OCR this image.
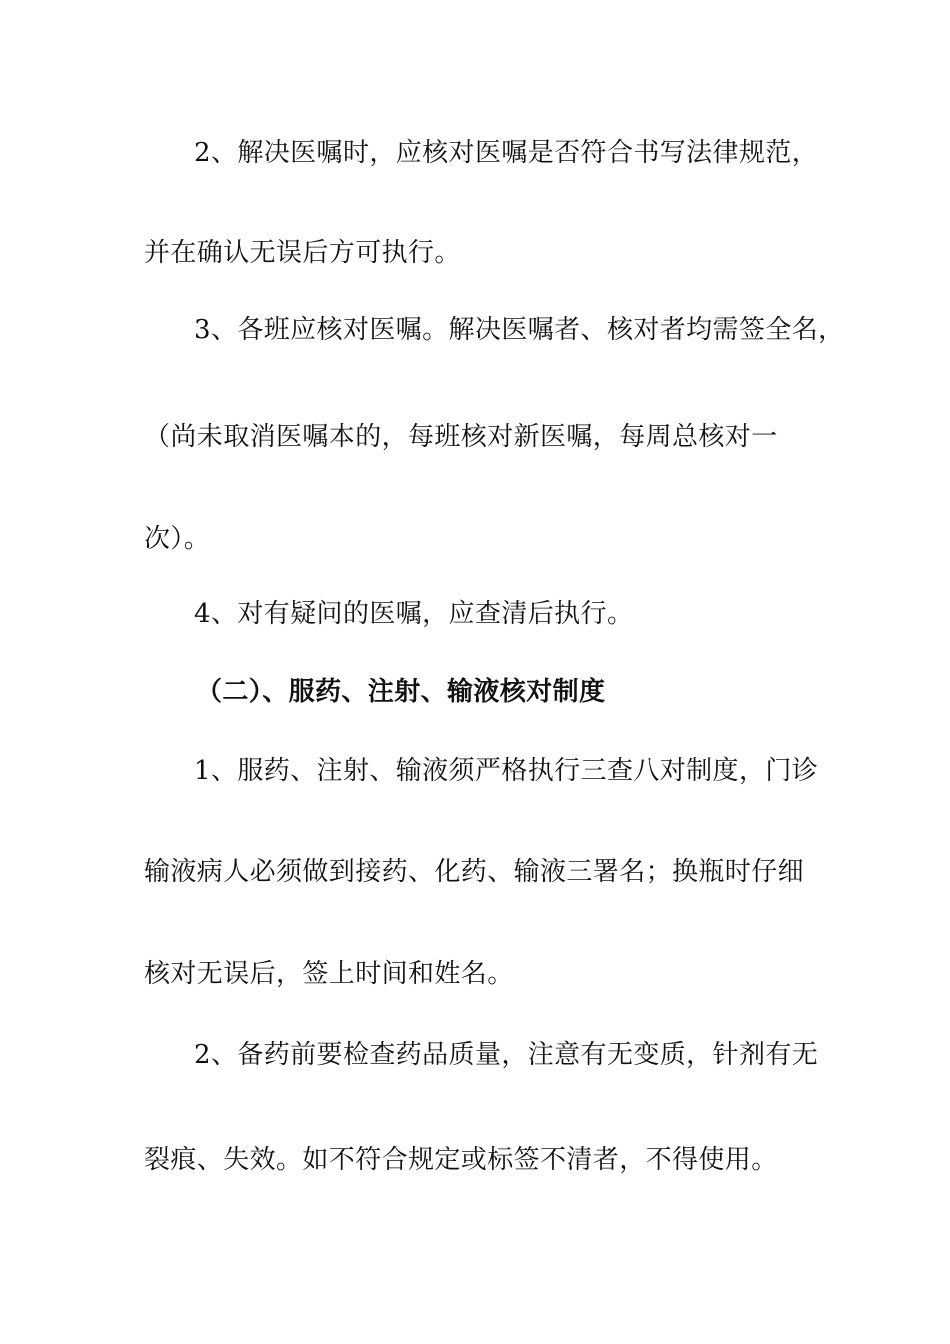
2、解决医嘱时，应核对医嘱是否符合书写法律规范，
并在确认无误后方可执行。
3、各班应核对医嘱。解决医嘱者、核对者均需签全名，
（尚未取消医嘱本的，每班核对新医嘱，每周总核对一
次）。
4、对有疑问的医嘱，应查清后执行。
（二）、服药、注射、输液核对制度
1、服药、注射、输液须严格执行三查八对制度，门诊
输液病人必须做到接药、化药、输液三署名；换瓶时仔细
核对无误后，签上时间和姓名。
2、备药前要检查药品质量，注意有无变质，针剂有无
裂痕、失效。如不符合规定或标签不清者，不得使用。
